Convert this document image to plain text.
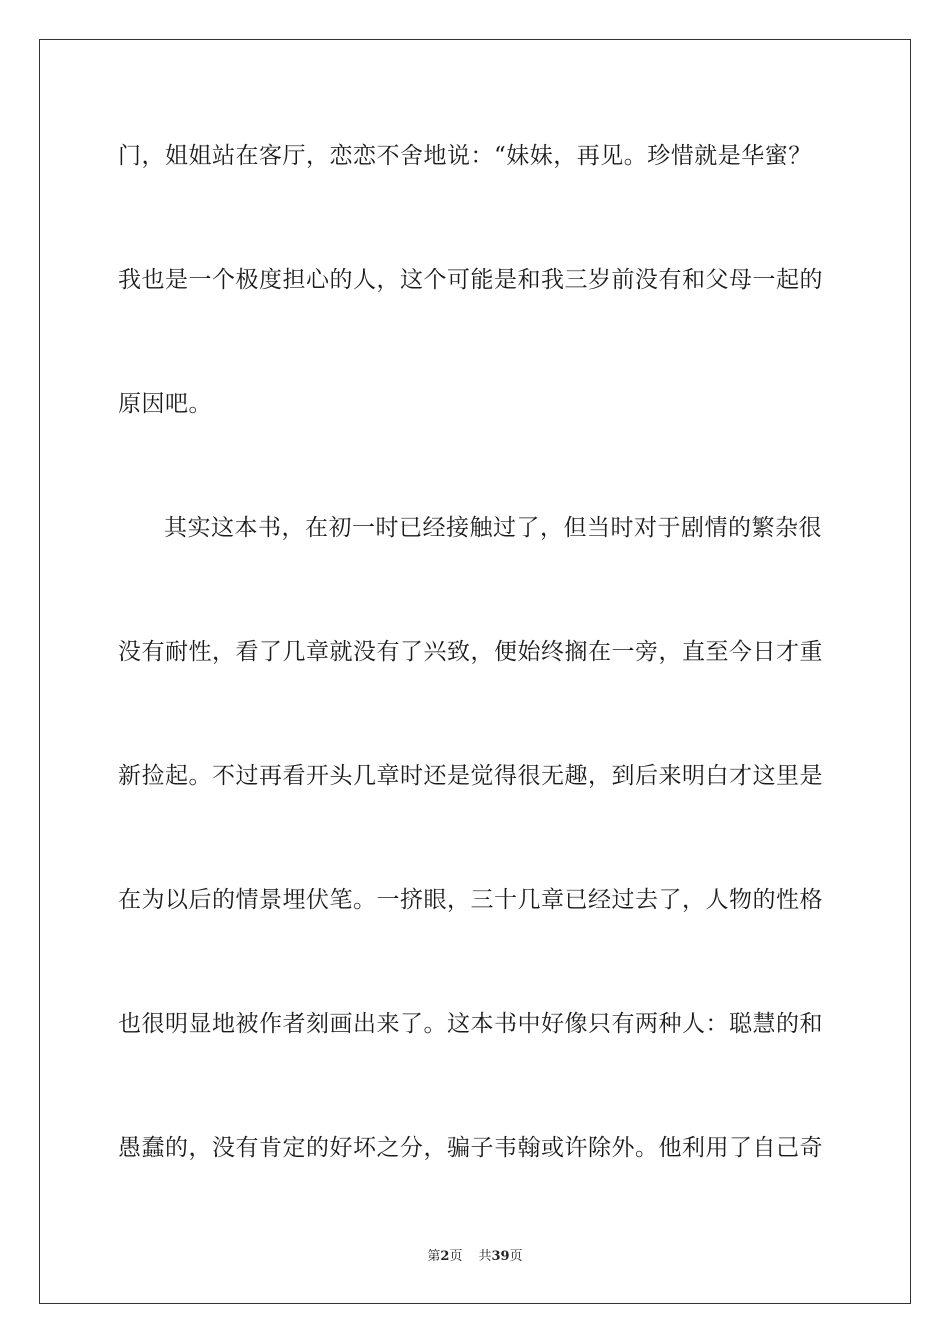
门，姐姐站在客厅，恋恋不舍地说：“妹妹，再见。珍惜就是华蜜？
我也是一个极度担心的人，这个可能是和我三岁前没有和父母一起的
原因吧。
其实这本书，在初一时已经接触过了，但当时对于剧情的繁杂很
没有耐性，看了几章就没有了兴致，便始终搁在一旁，直至今日才重
新捡起。不过再看开头几章时还是觉得很无趣，到后来明白才这里是
在为以后的情景埋伏笔。一挤眼，三十几章已经过去了，人物的性格
也很明显地被作者刻画出来了。这本书中好像只有两种人：聪慧的和
愚蠢的，没有肯定的好坏之分，骗子韦翰或许除外。他利用了自己奇
第2页 共39页
